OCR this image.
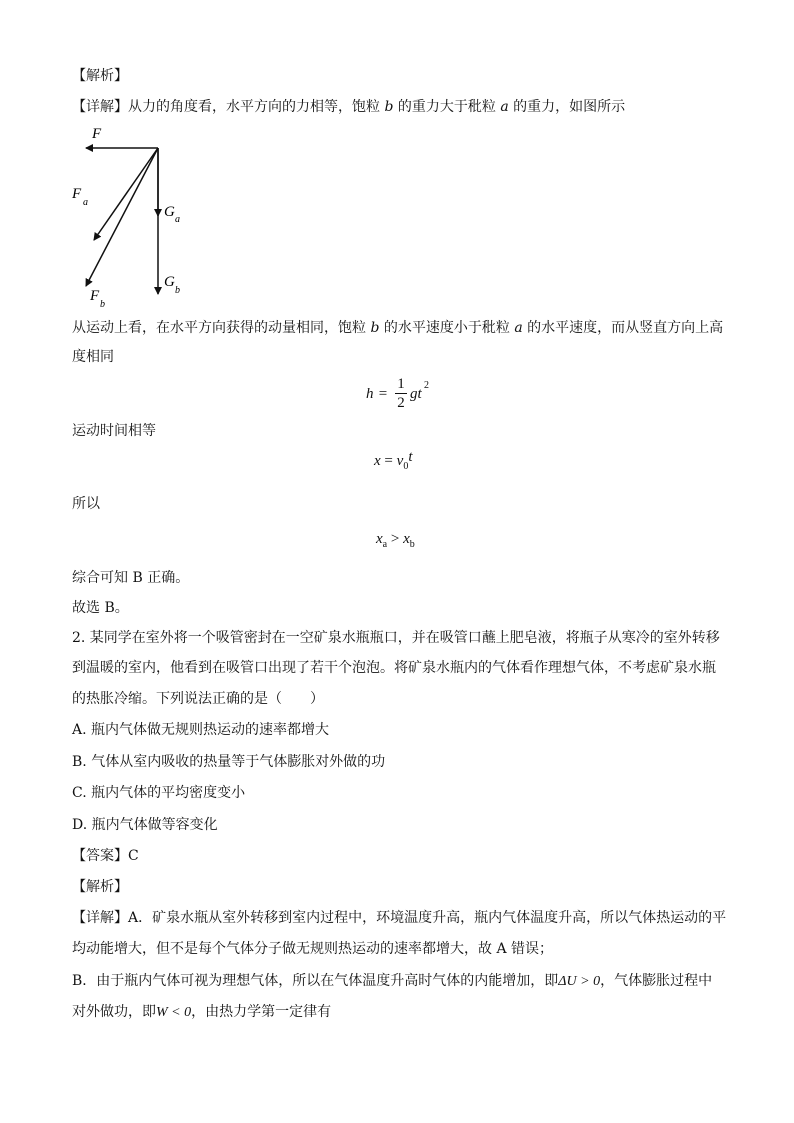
【解析】
【详解】从力的角度看，水平方向的力相等，饱粒 b 的重力大于秕粒 a 的重力，如图所示
F
F
a
G a
G
b
F
b
从运动上看，在水平方向获得的动量相同，饱粒 b 的水平速度小于秕粒 a 的水平速度，而从竖直方向上高
度相同
h =
1
2
gt
2
运动时间相等
$x = v_0t$
所以
$x_a > x_b$
综合可知 B 正确。
故选 B。
2. 某同学在室外将一个吸管密封在一空矿泉水瓶瓶口，并在吸管口蘸上肥皂液，将瓶子从寒冷的室外转移
到温暖的室内，他看到在吸管口出现了若干个泡泡。将矿泉水瓶内的气体看作理想气体，不考虑矿泉水瓶
的热胀冷缩。下列说法正确的是（　　）
A. 瓶内气体做无规则热运动的速率都增大
B. 气体从室内吸收的热量等于气体膨胀对外做的功
C. 瓶内气体的平均密度变小
D. 瓶内气体做等容变化
【答案】C
【解析】
【详解】A．矿泉水瓶从室外转移到室内过程中，环境温度升高，瓶内气体温度升高，所以气体热运动的平
均动能增大，但不是每个气体分子做无规则热运动的速率都增大，故 A 错误；
B．由于瓶内气体可视为理想气体，所以在气体温度升高时气体的内能增加，即ΔU > 0，气体膨胀过程中
对外做功，即W < 0，由热力学第一定律有
